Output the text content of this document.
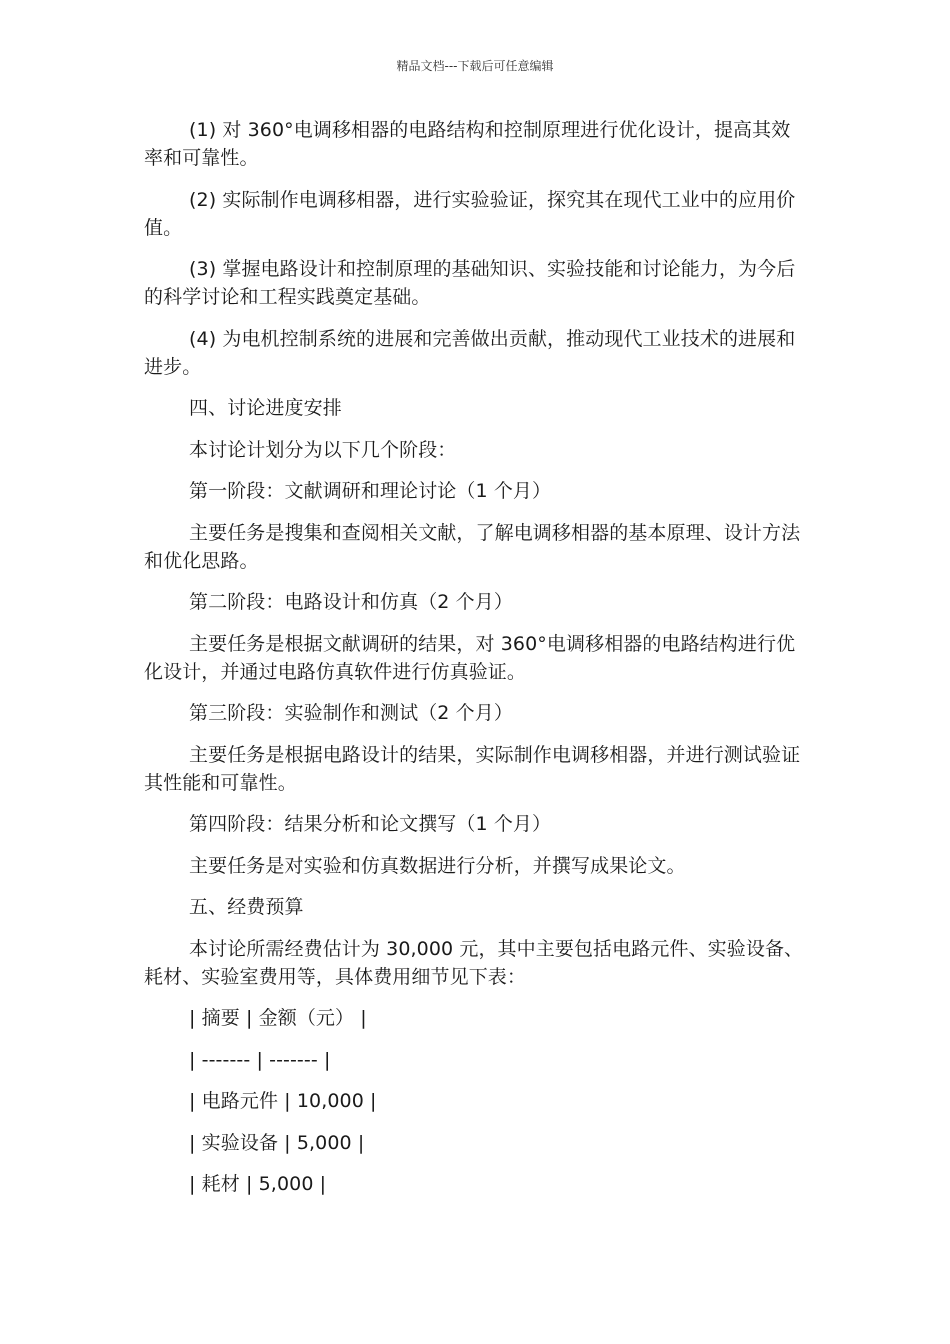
精品文档---下载后可任意编辑

(1) 对 360°电调移相器的电路结构和控制原理进行优化设计，提高其效率和可靠性。

(2) 实际制作电调移相器，进行实验验证，探究其在现代工业中的应用价值。

(3) 掌握电路设计和控制原理的基础知识、实验技能和讨论能力，为今后的科学讨论和工程实践奠定基础。

(4) 为电机控制系统的进展和完善做出贡献，推动现代工业技术的进展和进步。

四、讨论进度安排

本讨论计划分为以下几个阶段：

第一阶段：文献调研和理论讨论（1 个月）

主要任务是搜集和查阅相关文献，了解电调移相器的基本原理、设计方法和优化思路。

第二阶段：电路设计和仿真（2 个月）

主要任务是根据文献调研的结果，对 360°电调移相器的电路结构进行优化设计，并通过电路仿真软件进行仿真验证。

第三阶段：实验制作和测试（2 个月）

主要任务是根据电路设计的结果，实际制作电调移相器，并进行测试验证其性能和可靠性。

第四阶段：结果分析和论文撰写（1 个月）

主要任务是对实验和仿真数据进行分析，并撰写成果论文。

五、经费预算

本讨论所需经费估计为 30,000 元，其中主要包括电路元件、实验设备、耗材、实验室费用等，具体费用细节见下表：

| 摘要 | 金额（元） |

| ------- | ------- |

| 电路元件 | 10,000 |

| 实验设备 | 5,000 |

| 耗材 | 5,000 |
